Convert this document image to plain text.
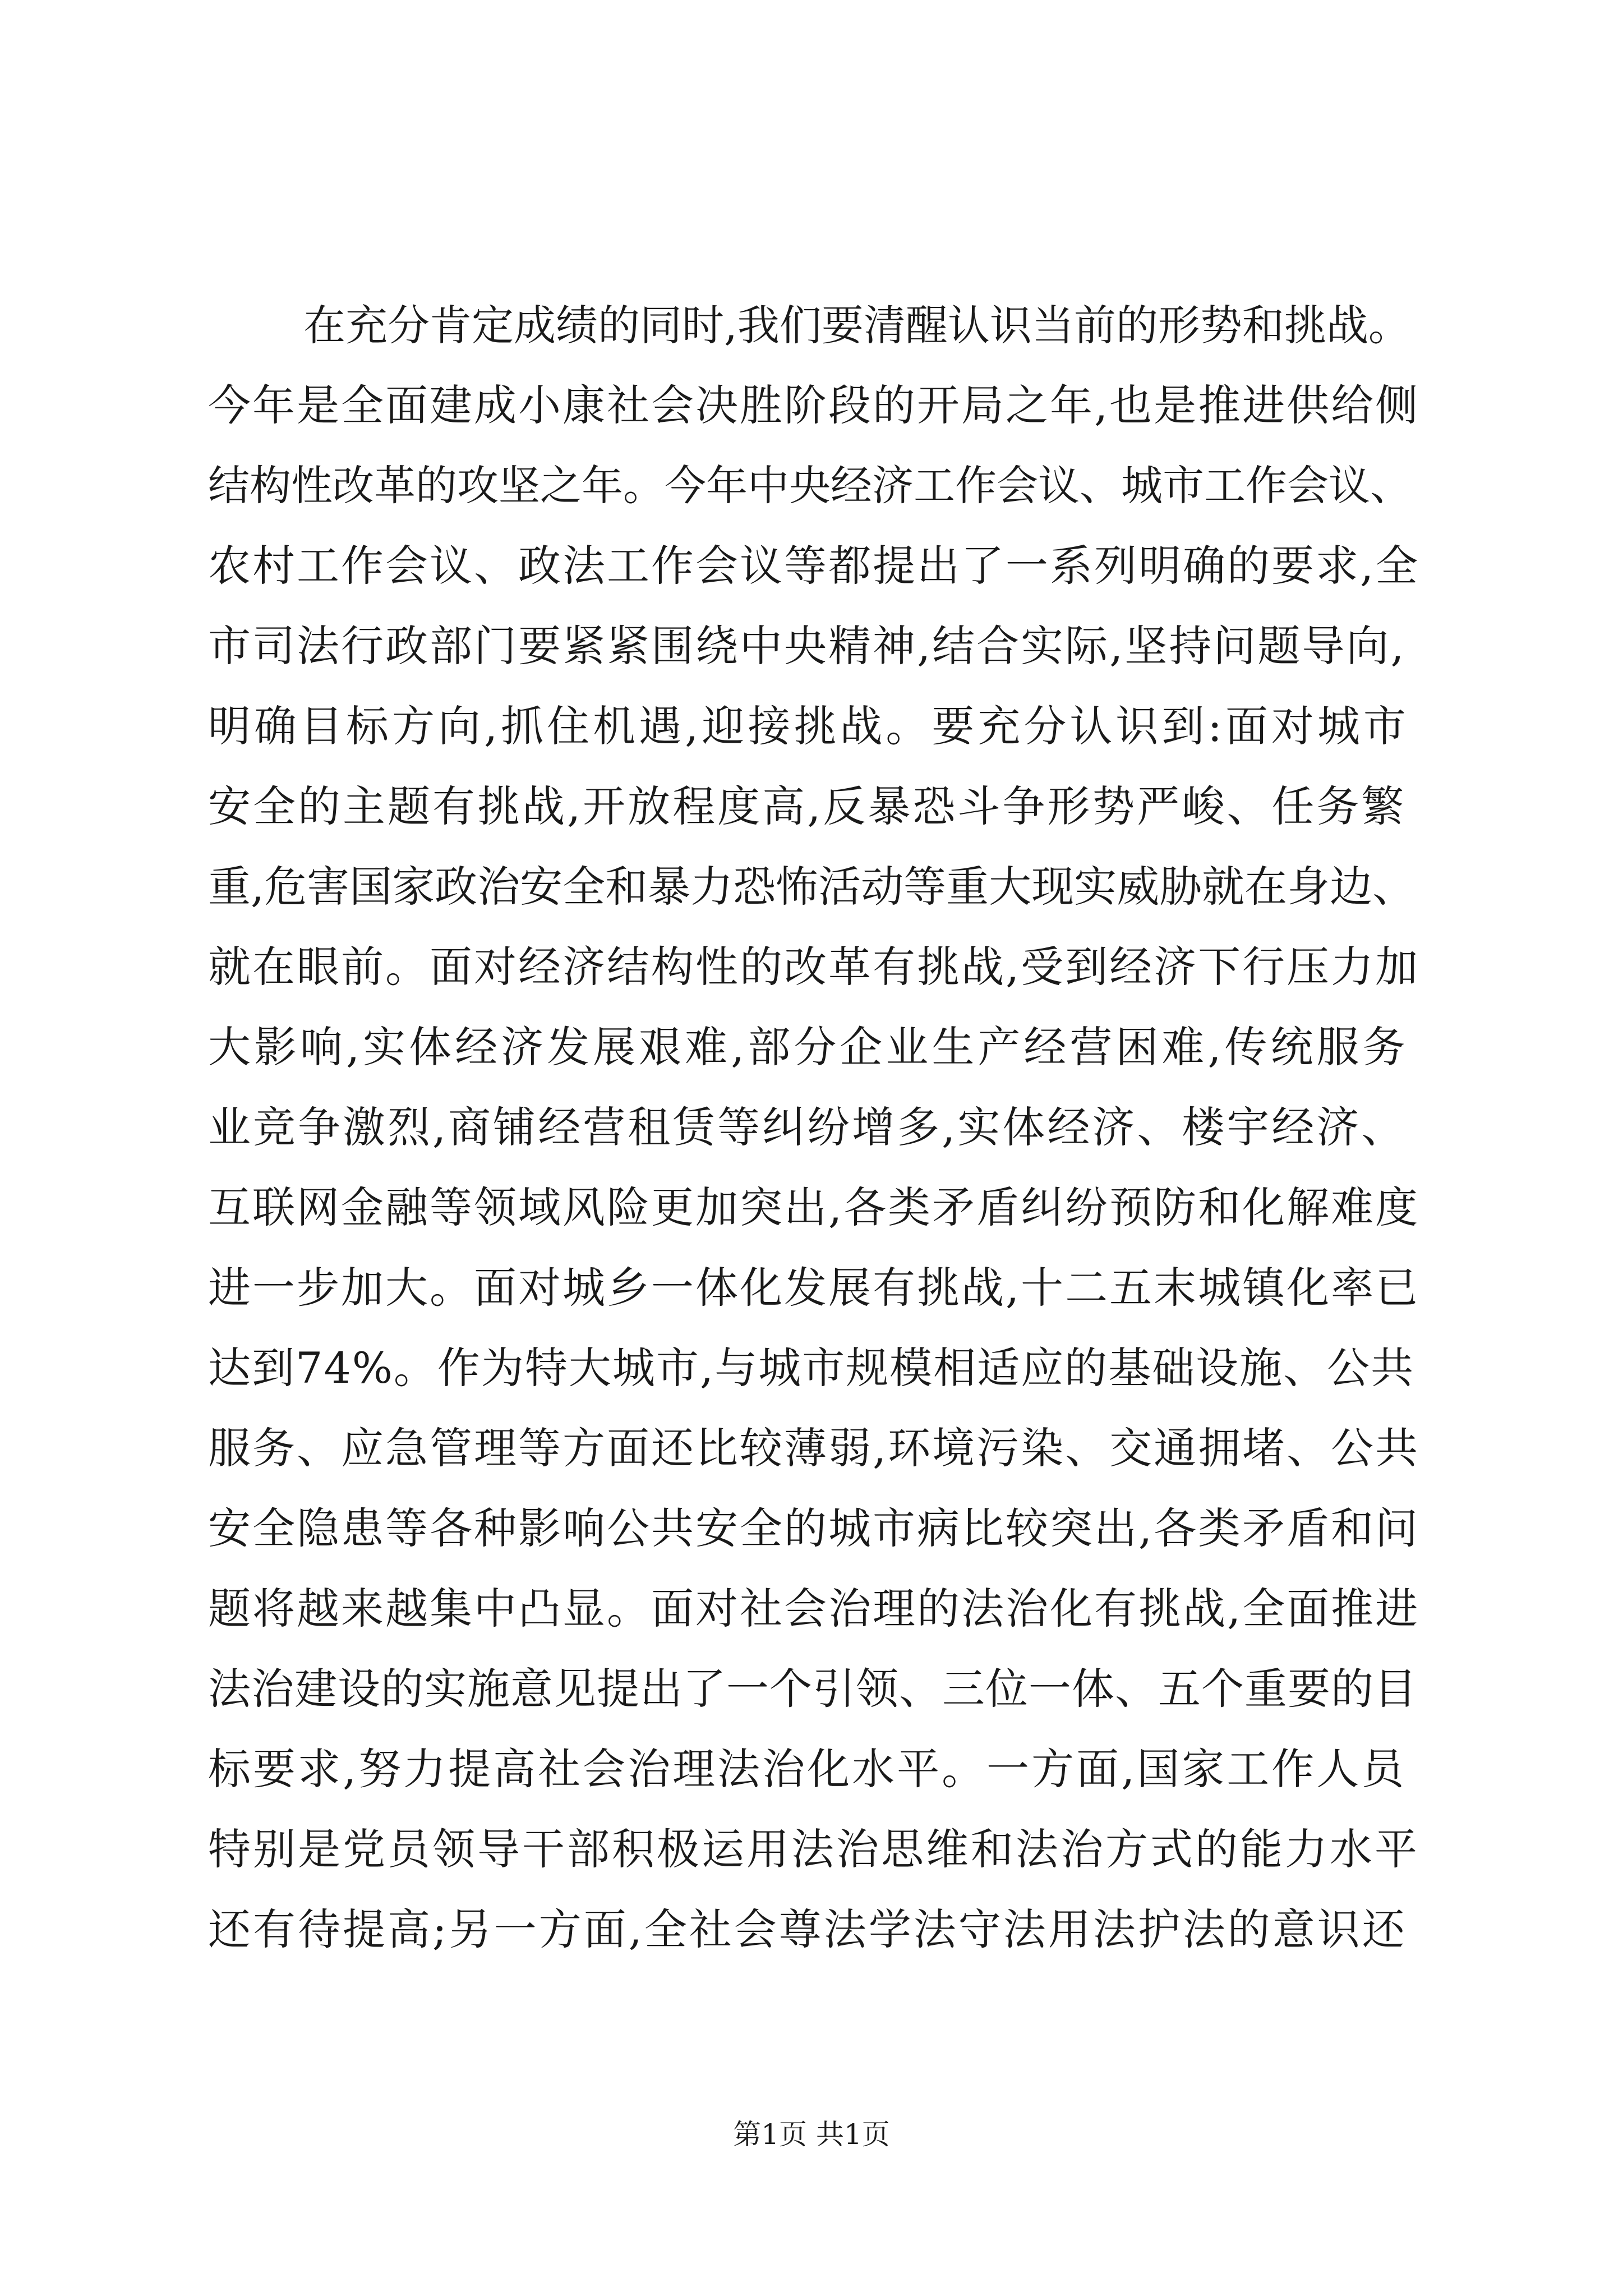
在充分肯定成绩的同时,我们要清醒认识当前的形势和挑战。
今年是全面建成小康社会决胜阶段的开局之年,也是推进供给侧
结构性改革的攻坚之年。今年中央经济工作会议、城市工作会议、
农村工作会议、政法工作会议等都提出了一系列明确的要求,全
市司法行政部门要紧紧围绕中央精神,结合实际,坚持问题导向,
明确目标方向,抓住机遇,迎接挑战。要充分认识到:面对城市
安全的主题有挑战,开放程度高,反暴恐斗争形势严峻、任务繁
重,危害国家政治安全和暴力恐怖活动等重大现实威胁就在身边、
就在眼前。面对经济结构性的改革有挑战,受到经济下行压力加
大影响,实体经济发展艰难,部分企业生产经营困难,传统服务
业竞争激烈,商铺经营租赁等纠纷增多,实体经济、楼宇经济、
互联网金融等领域风险更加突出,各类矛盾纠纷预防和化解难度
进一步加大。面对城乡一体化发展有挑战,十二五末城镇化率已
达到74%。作为特大城市,与城市规模相适应的基础设施、公共
服务、应急管理等方面还比较薄弱,环境污染、交通拥堵、公共
安全隐患等各种影响公共安全的城市病比较突出,各类矛盾和问
题将越来越集中凸显。面对社会治理的法治化有挑战,全面推进
法治建设的实施意见提出了一个引领、三位一体、五个重要的目
标要求,努力提高社会治理法治化水平。一方面,国家工作人员
特别是党员领导干部积极运用法治思维和法治方式的能力水平
还有待提高;另一方面,全社会尊法学法守法用法护法的意识还
第1页 共1页
